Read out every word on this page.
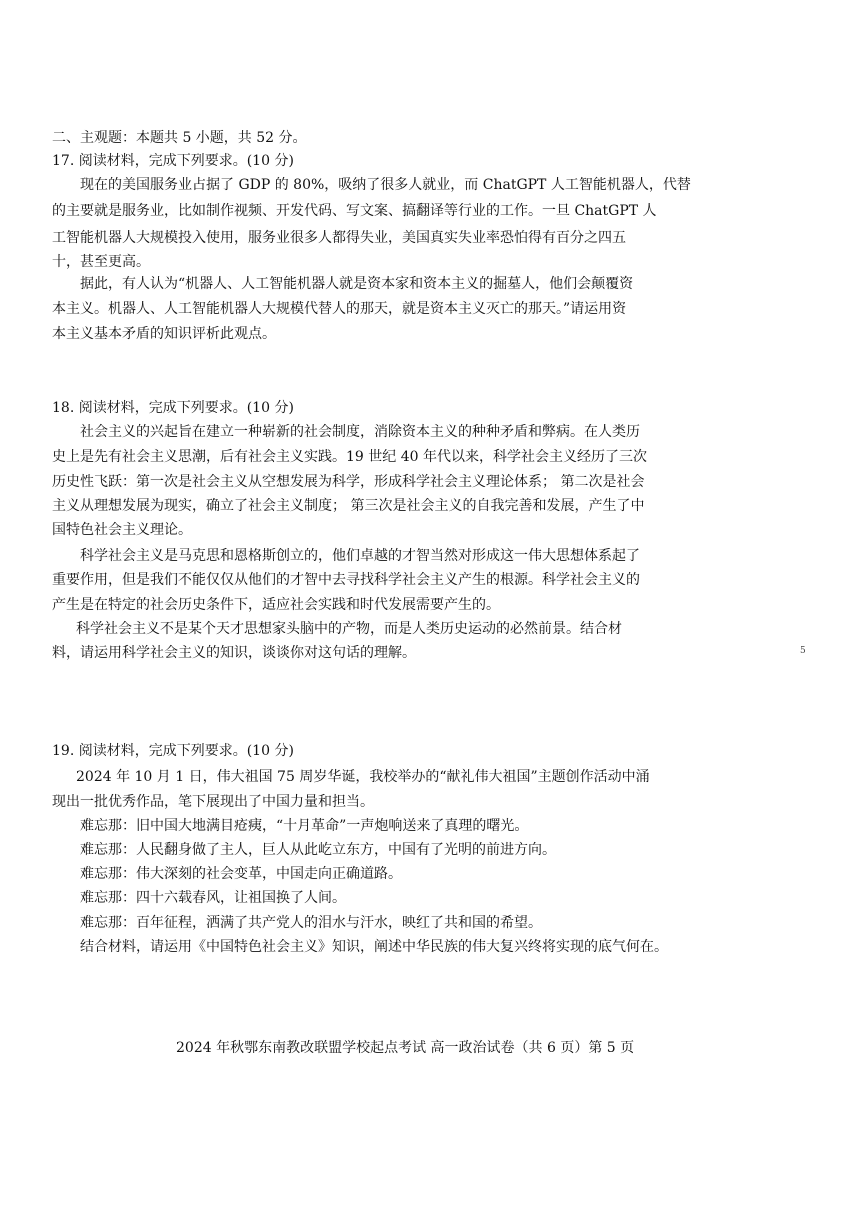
二、主观题：本题共 5 小题，共 52 分。
17. 阅读材料，完成下列要求。(10 分)
现在的美国服务业占据了 GDP 的 80%，吸纳了很多人就业，而 ChatGPT 人工智能机器人，代替
的主要就是服务业，比如制作视频、开发代码、写文案、搞翻译等行业的工作。一旦 ChatGPT 人
工智能机器人大规模投入使用，服务业很多人都得失业，美国真实失业率恐怕得有百分之四五
十，甚至更高。
据此，有人认为“机器人、人工智能机器人就是资本家和资本主义的掘墓人，他们会颠覆资
本主义。机器人、人工智能机器人大规模代替人的那天，就是资本主义灭亡的那天。”请运用资
本主义基本矛盾的知识评析此观点。
18. 阅读材料，完成下列要求。(10 分)
社会主义的兴起旨在建立一种崭新的社会制度，消除资本主义的种种矛盾和弊病。在人类历
史上是先有社会主义思潮，后有社会主义实践。19 世纪 40 年代以来，科学社会主义经历了三次
历史性飞跃：第一次是社会主义从空想发展为科学，形成科学社会主义理论体系； 第二次是社会
主义从理想发展为现实，确立了社会主义制度； 第三次是社会主义的自我完善和发展，产生了中
国特色社会主义理论。
科学社会主义是马克思和恩格斯创立的，他们卓越的才智当然对形成这一伟大思想体系起了
重要作用，但是我们不能仅仅从他们的才智中去寻找科学社会主义产生的根源。科学社会主义的
产生是在特定的社会历史条件下，适应社会实践和时代发展需要产生的。
科学社会主义不是某个天才思想家头脑中的产物，而是人类历史运动的必然前景。结合材
料，请运用科学社会主义的知识，谈谈你对这句话的理解。	5
19. 阅读材料，完成下列要求。(10 分)
2024 年 10 月 1 日，伟大祖国 75 周岁华诞，我校举办的“献礼伟大祖国”主题创作活动中涌
现出一批优秀作品，笔下展现出了中国力量和担当。
难忘那：旧中国大地满目疮痍，“十月革命”一声炮响送来了真理的曙光。
难忘那：人民翻身做了主人，巨人从此屹立东方，中国有了光明的前进方向。
难忘那：伟大深刻的社会变革，中国走向正确道路。
难忘那：四十六载春风，让祖国换了人间。
难忘那：百年征程，洒满了共产党人的泪水与汗水，映红了共和国的希望。
结合材料，请运用《中国特色社会主义》知识，阐述中华民族的伟大复兴终将实现的底气何在。
2024 年秋鄂东南教改联盟学校起点考试 高一政治试卷（共 6 页）第 5 页
